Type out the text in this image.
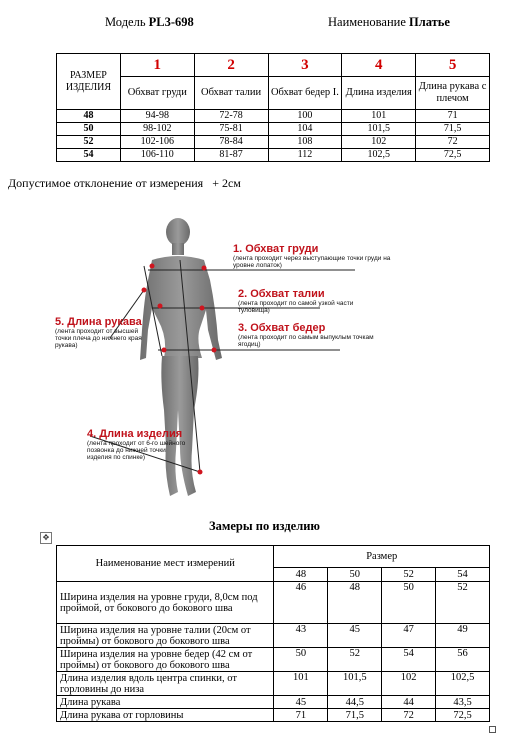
Модель PL3-698	Наименование Платье
РАЗМЕР ИЗДЕЛИЯ	1	2	3	4	5
	Обхват груди	Обхват талии	Обхват бедер I.	Длина изделия	Длина рукава с плечом
48	94-98	72-78	100	101	71
50	98-102	75-81	104	101,5	71,5
52	102-106	78-84	108	102	72
54	106-110	81-87	112	102,5	72,5
Допустимое отклонение от измерения + 2см
1. Обхват груди
(лента проходит через выступающие точки груди на уровне лопаток)
2. Обхват талии
(лента проходит по самой узкой части туловища)
3. Обхват бедер
(лента проходит по самым выпуклым точкам ягодиц)
4. Длина изделия
(лента проходит от 6-го шейного позвонка до нижней точки изделия по спинке)
5. Длина рукава
(лента проходит от высшей точки плеча до нижнего края рукава)
Замеры по изделию
✥
Наименование мест измерений	Размер			
	48	50	52	54
Ширина изделия на уровне груди, 8,0см под проймой, от бокового до бокового шва	46	48	50	52
Ширина изделия на уровне талии (20см от проймы) от бокового до бокового шва	43	45	47	49
Ширина изделия на уровне бедер (42 см от проймы) от бокового до бокового шва	50	52	54	56
Длина изделия вдоль центра спинки, от горловины до низа	101	101,5	102	102,5
Длина рукава	45	44,5	44	43,5
Длина рукава от горловины	71	71,5	72	72,5
